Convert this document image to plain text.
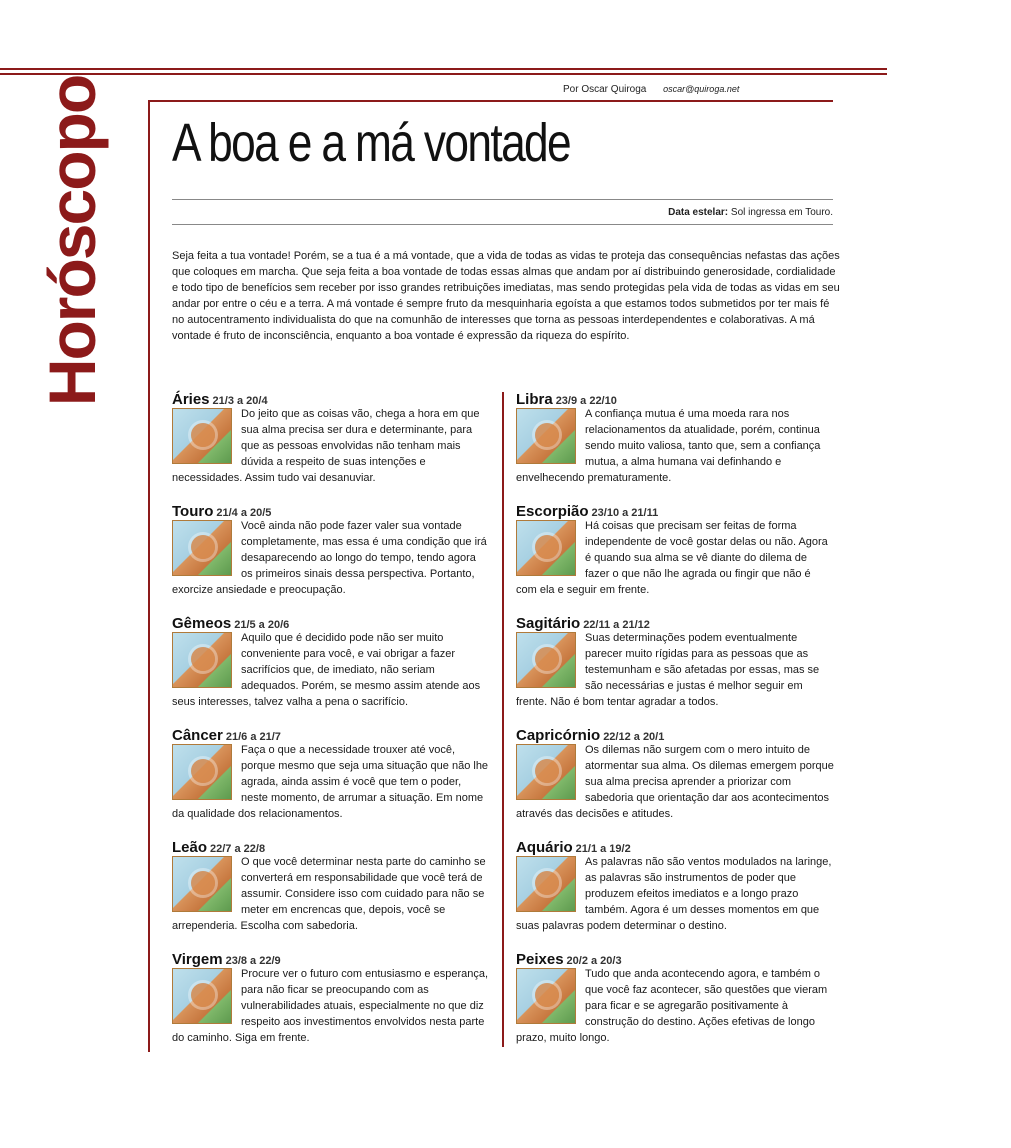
Horóscopo	Por Oscar Quiroga oscar@quiroga.net
A boa e a má vontade
Data estelar: Sol ingressa em Touro.

Seja feita a tua vontade! Porém, se a tua é a má vontade, que a vida de todas as vidas te proteja das consequências nefastas das ações que coloques em marcha. Que seja feita a boa vontade de todas essas almas que andam por aí distribuindo generosidade, cordialidade e todo tipo de benefícios sem receber por isso grandes retribuições imediatas, mas sendo protegidas pela vida de todas as vidas em seu andar por entre o céu e a terra. A má vontade é sempre fruto da mesquinharia egoísta a que estamos todos submetidos por ter mais fé no autocentramento individualista do que na comunhão de interesses que torna as pessoas interdependentes e colaborativas. A má vontade é fruto de inconsciência, enquanto a boa vontade é expressão da riqueza do espírito.

Áries 21/3 a 20/4
Do jeito que as coisas vão, chega a hora em que sua alma precisa ser dura e determinante, para que as pessoas envolvidas não tenham mais dúvida a respeito de suas intenções e necessidades. Assim tudo vai desanuviar.
Touro 21/4 a 20/5
Você ainda não pode fazer valer sua vontade completamente, mas essa é uma condição que irá desaparecendo ao longo do tempo, tendo agora os primeiros sinais dessa perspectiva. Portanto, exorcize ansiedade e preocupação.
Gêmeos 21/5 a 20/6
Aquilo que é decidido pode não ser muito conveniente para você, e vai obrigar a fazer sacrifícios que, de imediato, não seriam adequados. Porém, se mesmo assim atende aos seus interesses, talvez valha a pena o sacrifício.
Câncer 21/6 a 21/7
Faça o que a necessidade trouxer até você, porque mesmo que seja uma situação que não lhe agrada, ainda assim é você que tem o poder, neste momento, de arrumar a situação. Em nome da qualidade dos relacionamentos.
Leão 22/7 a 22/8
O que você determinar nesta parte do caminho se converterá em responsabilidade que você terá de assumir. Considere isso com cuidado para não se meter em encrencas que, depois, você se arrependeria. Escolha com sabedoria.
Virgem 23/8 a 22/9
Procure ver o futuro com entusiasmo e esperança, para não ficar se preocupando com as vulnerabilidades atuais, especialmente no que diz respeito aos investimentos envolvidos nesta parte do caminho. Siga em frente.
Libra 23/9 a 22/10
A confiança mutua é uma moeda rara nos relacionamentos da atualidade, porém, continua sendo muito valiosa, tanto que, sem a confiança mutua, a alma humana vai definhando e envelhecendo prematuramente.
Escorpião 23/10 a 21/11
Há coisas que precisam ser feitas de forma independente de você gostar delas ou não. Agora é quando sua alma se vê diante do dilema de fazer o que não lhe agrada ou fingir que não é com ela e seguir em frente.
Sagitário 22/11 a 21/12
Suas determinações podem eventualmente parecer muito rígidas para as pessoas que as testemunham e são afetadas por essas, mas se são necessárias e justas é melhor seguir em frente. Não é bom tentar agradar a todos.
Capricórnio 22/12 a 20/1
Os dilemas não surgem com o mero intuito de atormentar sua alma. Os dilemas emergem porque sua alma precisa aprender a priorizar com sabedoria que orientação dar aos acontecimentos através das decisões e atitudes.
Aquário 21/1 a 19/2
As palavras não são ventos modulados na laringe, as palavras são instrumentos de poder que produzem efeitos imediatos e a longo prazo também. Agora é um desses momentos em que suas palavras podem determinar o destino.
Peixes 20/2 a 20/3
Tudo que anda acontecendo agora, e também o que você faz acontecer, são questões que vieram para ficar e se agregarão positivamente à construção do destino. Ações efetivas de longo prazo, muito longo.
